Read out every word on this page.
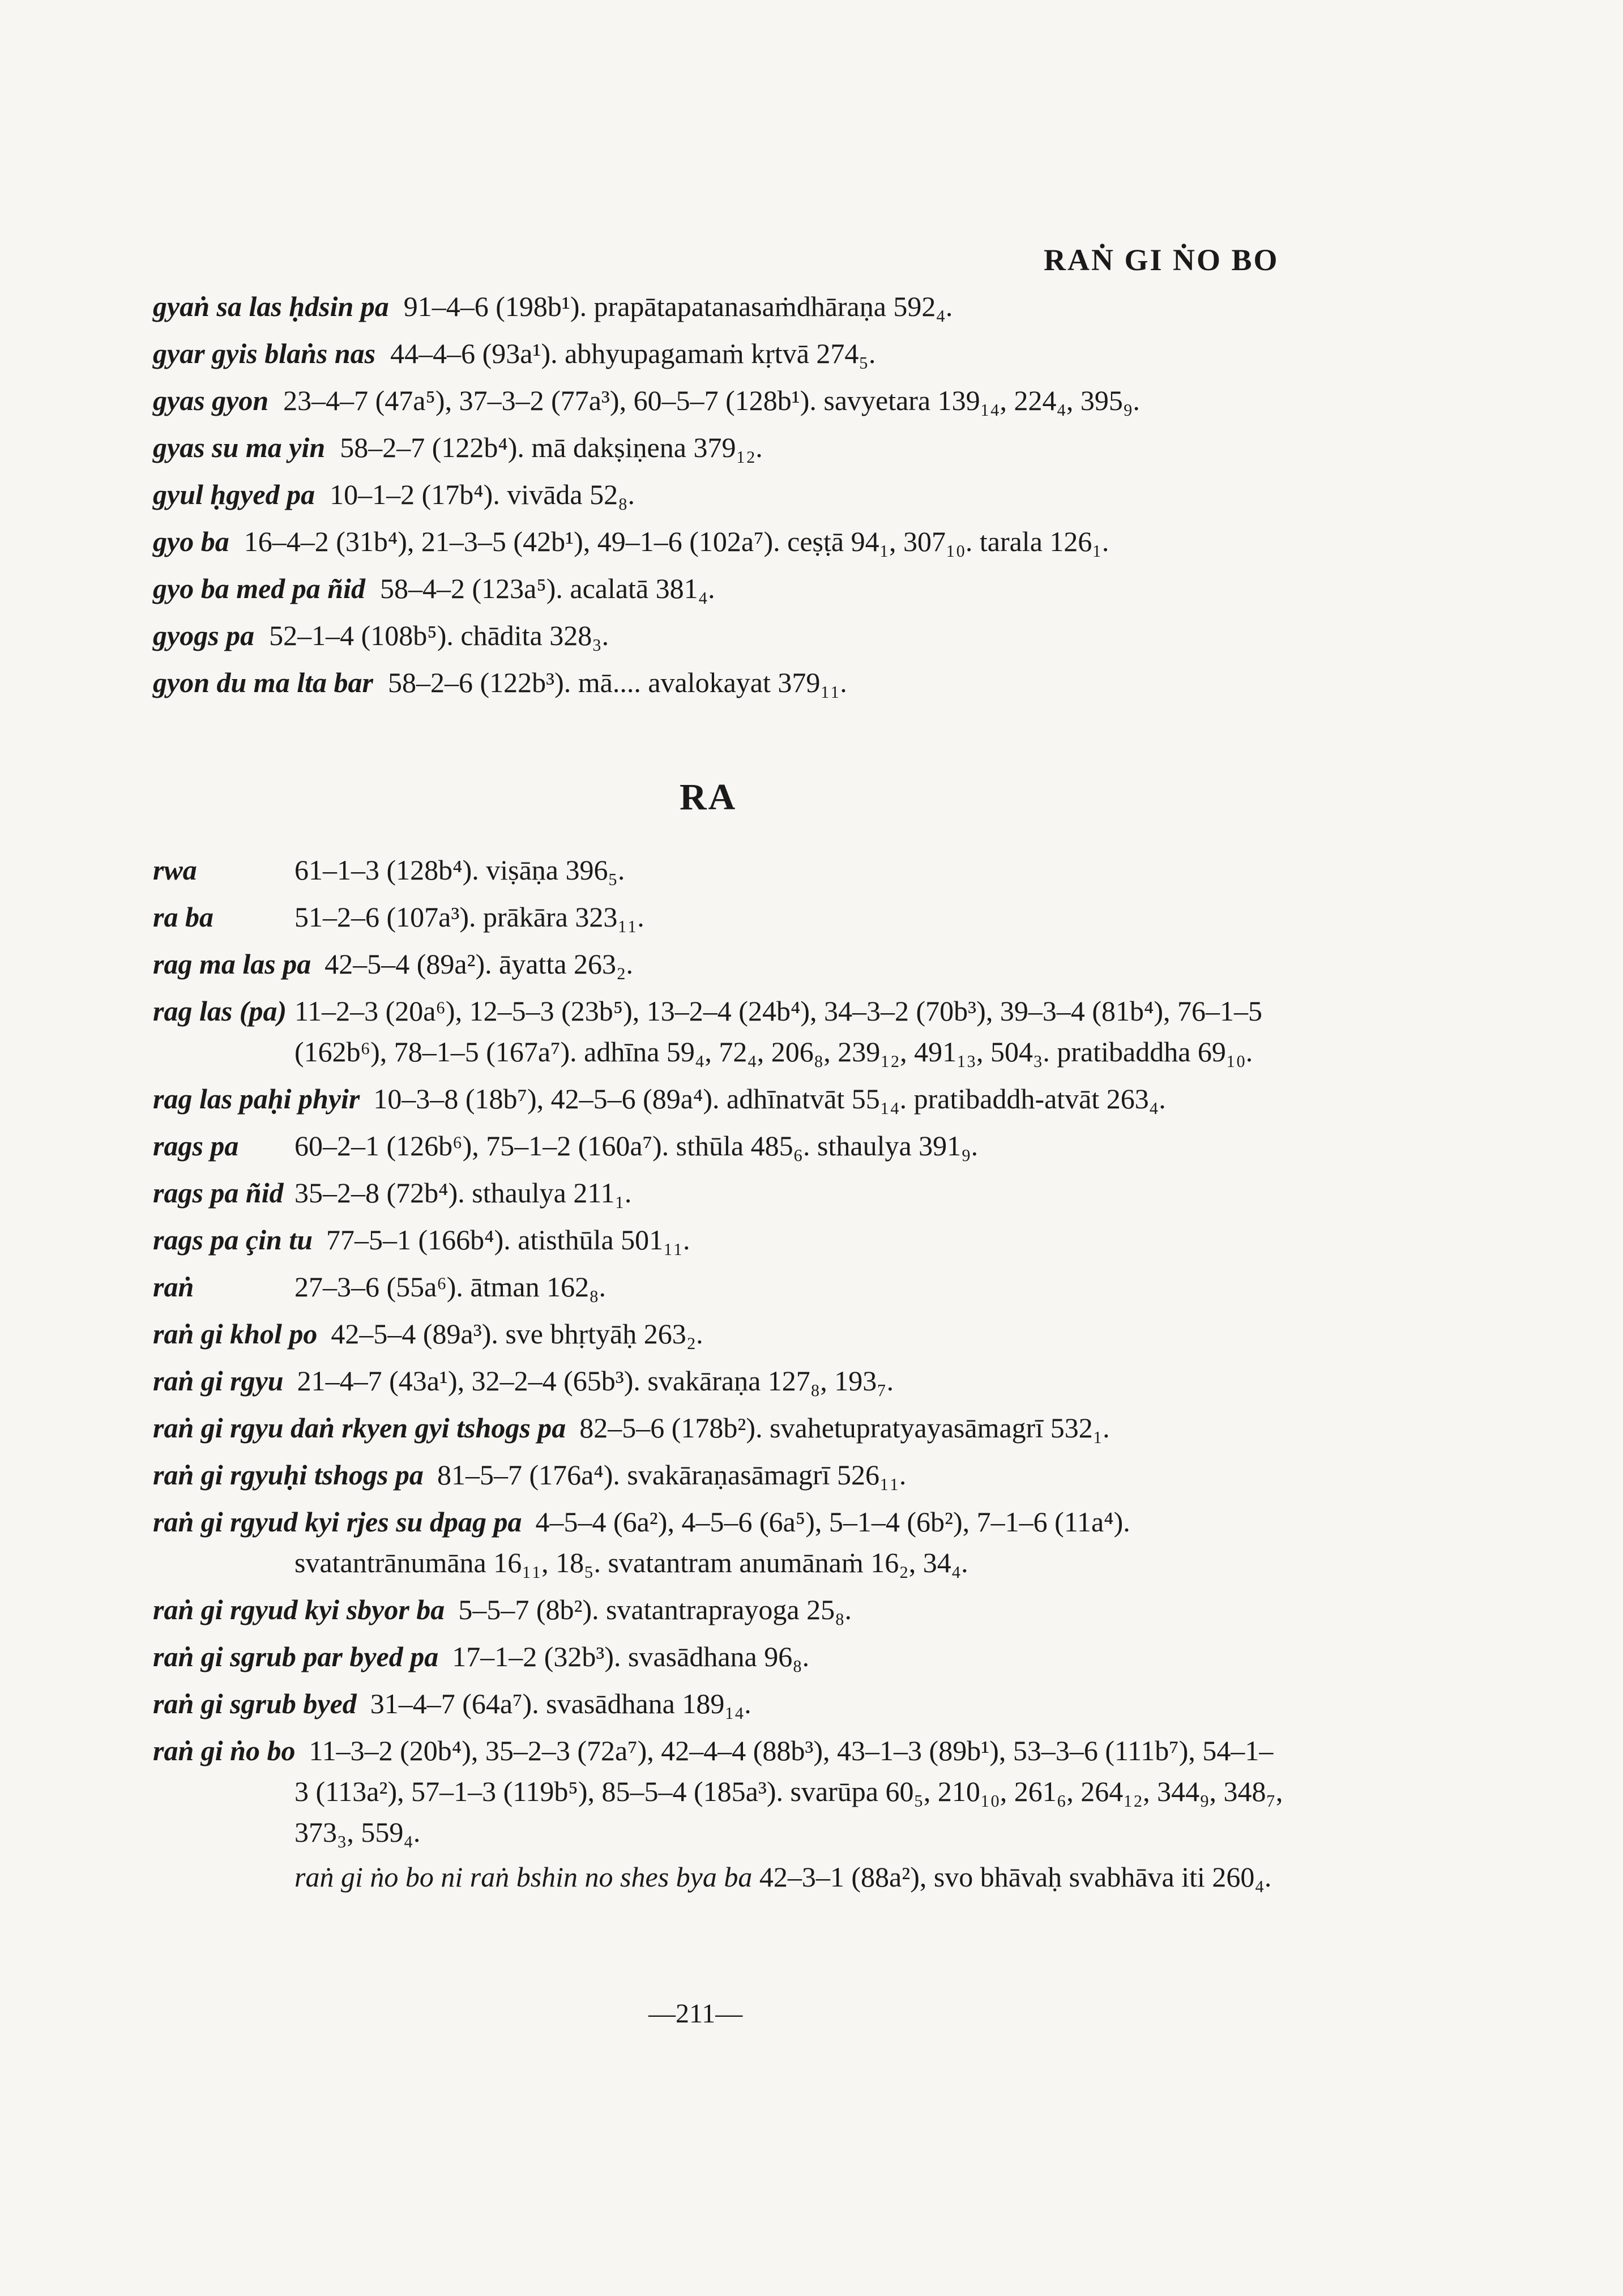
RAṄ GI ṄO BO
gyaṅ sa las ḥdsin pa 91–4–6 (198b¹). prapātapatanasaṁdhāraṇa 592₄.
gyar gyis blaṅs nas 44–4–6 (93a¹). abhyupagamaṁ kṛtvā 274₅.
gyas gyon 23–4–7 (47a⁵), 37–3–2 (77a³), 60–5–7 (128b¹). savyetara 139₁₄, 224₄, 395₉.
gyas su ma yin 58–2–7 (122b⁴). mā dakṣiṇena 379₁₂.
gyul ḥgyed pa 10–1–2 (17b⁴). vivāda 52₈.
gyo ba 16–4–2 (31b⁴), 21–3–5 (42b¹), 49–1–6 (102a⁷). ceṣṭā 94₁, 307₁₀. tarala 126₁.
gyo ba med pa ñid 58–4–2 (123a⁵). acalatā 381₄.
gyogs pa 52–1–4 (108b⁵). chādita 328₃.
gyon du ma lta bar 58–2–6 (122b³). mā.... avalokayat 379₁₁.
RA
rwa	61–1–3 (128b⁴). viṣāṇa 396₅.
ra ba	51–2–6 (107a³). prākāra 323₁₁.
rag ma las pa 42–5–4 (89a²). āyatta 263₂.
rag las (pa) 11–2–3 (20a⁶), 12–5–3 (23b⁵), 13–2–4 (24b⁴), 34–3–2 (70b³), 39–3–4 (81b⁴), 76–1–5 (162b⁶), 78–1–5 (167a⁷). adhīna 59₄, 72₄, 206₈, 239₁₂, 491₁₃, 504₃. pratibaddha 69₁₀.
rag las paḥi phyir 10–3–8 (18b⁷), 42–5–6 (89a⁴). adhīnatvāt 55₁₄. pratibaddh-atvāt 263₄.
rags pa 60–2–1 (126b⁶), 75–1–2 (160a⁷). sthūla 485₆. sthaulya 391₉.
rags pa ñid 35–2–8 (72b⁴). sthaulya 211₁.
rags pa çin tu 77–5–1 (166b⁴). atisthūla 501₁₁.
raṅ	27–3–6 (55a⁶). ātman 162₈.
raṅ gi khol po 42–5–4 (89a³). sve bhṛtyāḥ 263₂.
raṅ gi rgyu 21–4–7 (43a¹), 32–2–4 (65b³). svakāraṇa 127₈, 193₇.
raṅ gi rgyu daṅ rkyen gyi tshogs pa 82–5–6 (178b²). svahetupratyayasāmagrī 532₁.
raṅ gi rgyuḥi tshogs pa 81–5–7 (176a⁴). svakāraṇasāmagrī 526₁₁.
raṅ gi rgyud kyi rjes su dpag pa 4–5–4 (6a²), 4–5–6 (6a⁵), 5–1–4 (6b²), 7–1–6 (11a⁴). svatantrānumāna 16₁₁, 18₅. svatantram anumānaṁ 16₂, 34₄.
raṅ gi rgyud kyi sbyor ba 5–5–7 (8b²). svatantraprayoga 25₈.
raṅ gi sgrub par byed pa 17–1–2 (32b³). svasādhana 96₈.
raṅ gi sgrub byed 31–4–7 (64a⁷). svasādhana 189₁₄.
raṅ gi ṅo bo 11–3–2 (20b⁴), 35–2–3 (72a⁷), 42–4–4 (88b³), 43–1–3 (89b¹), 53–3–6 (111b⁷), 54–1–3 (113a²), 57–1–3 (119b⁵), 85–5–4 (185a³). svarūpa 60₅, 210₁₀, 261₆, 264₁₂, 344₉, 348₇, 373₃, 559₄.
raṅ gi ṅo bo ni raṅ bshin no shes bya ba 42–3–1 (88a²), svo bhāvaḥ svabhāva iti 260₄.
—211—
